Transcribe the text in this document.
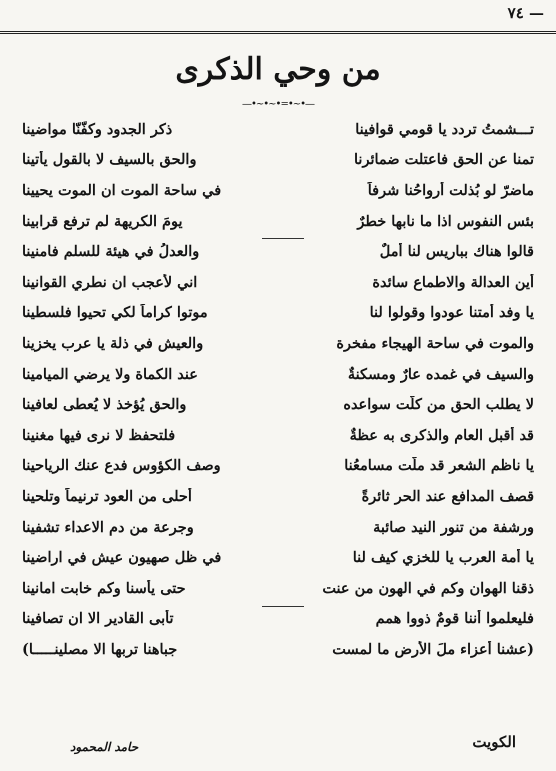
— ٧٤
من وحي الذكرى
—•~•~•=•~•—
تـــشمتُ تردد يا قومي قوافينا
ذكر الجدود وكفّنّا مواضينا
تمنا عن الحق فاعتلت ضمائرنا
والحق بالسيف لا بالقول يأتينا
ماضرّ لو بُذلت أرواحُنا شرفاً
في ساحة الموت ان الموت يحيينا
بئس النفوس اذا ما نابها خطرٌ
يومَ الكريهة لم ترفع قرابينا
قالوا هناك بباريس لنا أملٌ
والعدلُ في هيئة للسلم فامنينا
أين العدالة والاطماع سائدة
اني لأعجب ان نطري القوانينا
يا وفد أمتنا عودوا وقولوا لنا
موتوا كراماً لكي تحيوا فلسطينا
والموت في ساحة الهيجاء مفخرة
والعيش في ذلة يا عرب يخزينا
والسيف في غمده عارٌ ومسكنةٌ
عند الكماة ولا يرضي الميامينا
لا يطلب الحق من كلّت سواعده
والحق يُؤخذ لا يُعطى لعافينا
قد أقبل العام والذكرى به عظةٌ
فلتحفظ لا نرى فيها مغنينا
يا ناظم الشعر قد ملّت مسامعُنا
وصف الكؤوس فدع عنك الرياحينا
قصف المدافع عند الحر ثائرةً
أحلى من العود ترنيماً وتلحينا
ورشفة من تنور النيد صائبة
وجرعة من دم الاعداء تشفينا
يا أمة العرب يا للخزي كيف لنا
في ظل صهيون عيش في اراضينا
ذقنا الهوان وكم في الهون من عنت
حتى يأسنا وكم خابت امانينا
فليعلموا أننا قومٌ ذووا همم
تأبى القادير الا ان تصافينا
(عشنا أعزاء ملَ الأرض ما لمست
جباهنا تربها الا مصلينـــــا)
الكويت
حامد المحمود
